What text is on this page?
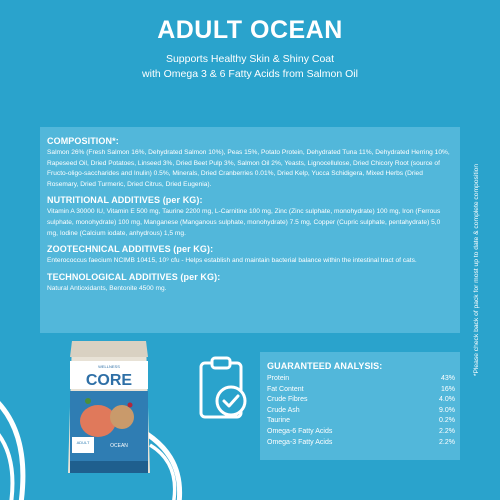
ADULT OCEAN
Supports Healthy Skin & Shiny Coat
with Omega 3 & 6 Fatty Acids from Salmon Oil
COMPOSITION*:
Salmon 26% (Fresh Salmon 16%, Dehydrated Salmon 10%), Peas 15%, Potato Protein, Dehydrated Tuna 11%, Dehydrated Herring 10%, Rapeseed Oil, Dried Potatoes, Linseed 3%, Dried Beet Pulp 3%, Salmon Oil 2%, Yeasts, Lignocellulose, Dried Chicory Root (source of Fructo-oligo-saccharides and Inulin) 0.5%, Minerals, Dried Cranberries 0.01%, Dried Kelp, Yucca Schidigera, Mixed Herbs (Dried Rosemary, Dried Turmeric, Dried Citrus, Dried Eugenia).
NUTRITIONAL ADDITIVES (per KG):
Vitamin A 30000 IU, Vitamin E 500 mg, Taurine 2200 mg, L-Carnitine 100 mg, Zinc (Zinc sulphate, monohydrate) 100 mg, Iron (Ferrous sulphate, monohydrate) 100 mg, Manganese (Manganous sulphate, monohydrate) 7.5 mg, Copper (Cupric sulphate, pentahydrate) 5,0 mg, Iodine (Calcium iodate, anhydrous) 1,5 mg.
ZOOTECHNICAL ADDITIVES (per KG):
Enterococcus faecium NCIMB 10415, 10⁹ cfu - Helps establish and maintain bacterial balance within the intestinal tract of cats.
TECHNOLOGICAL ADDITIVES (per KG):
Natural Antioxidants, Bentonite 4500 mg.
WELLNESS
CORE
ADULT
OCEAN
GUARANTEED ANALYSIS:
Protein	43%
Fat Content	16%
Crude Fibres	4.0%
Crude Ash	9.0%
Taurine	0.2%
Omega-6 Fatty Acids	2.2%
Omega-3 Fatty Acids	2.2%
*Please check back of pack for most up to date & complete composition
